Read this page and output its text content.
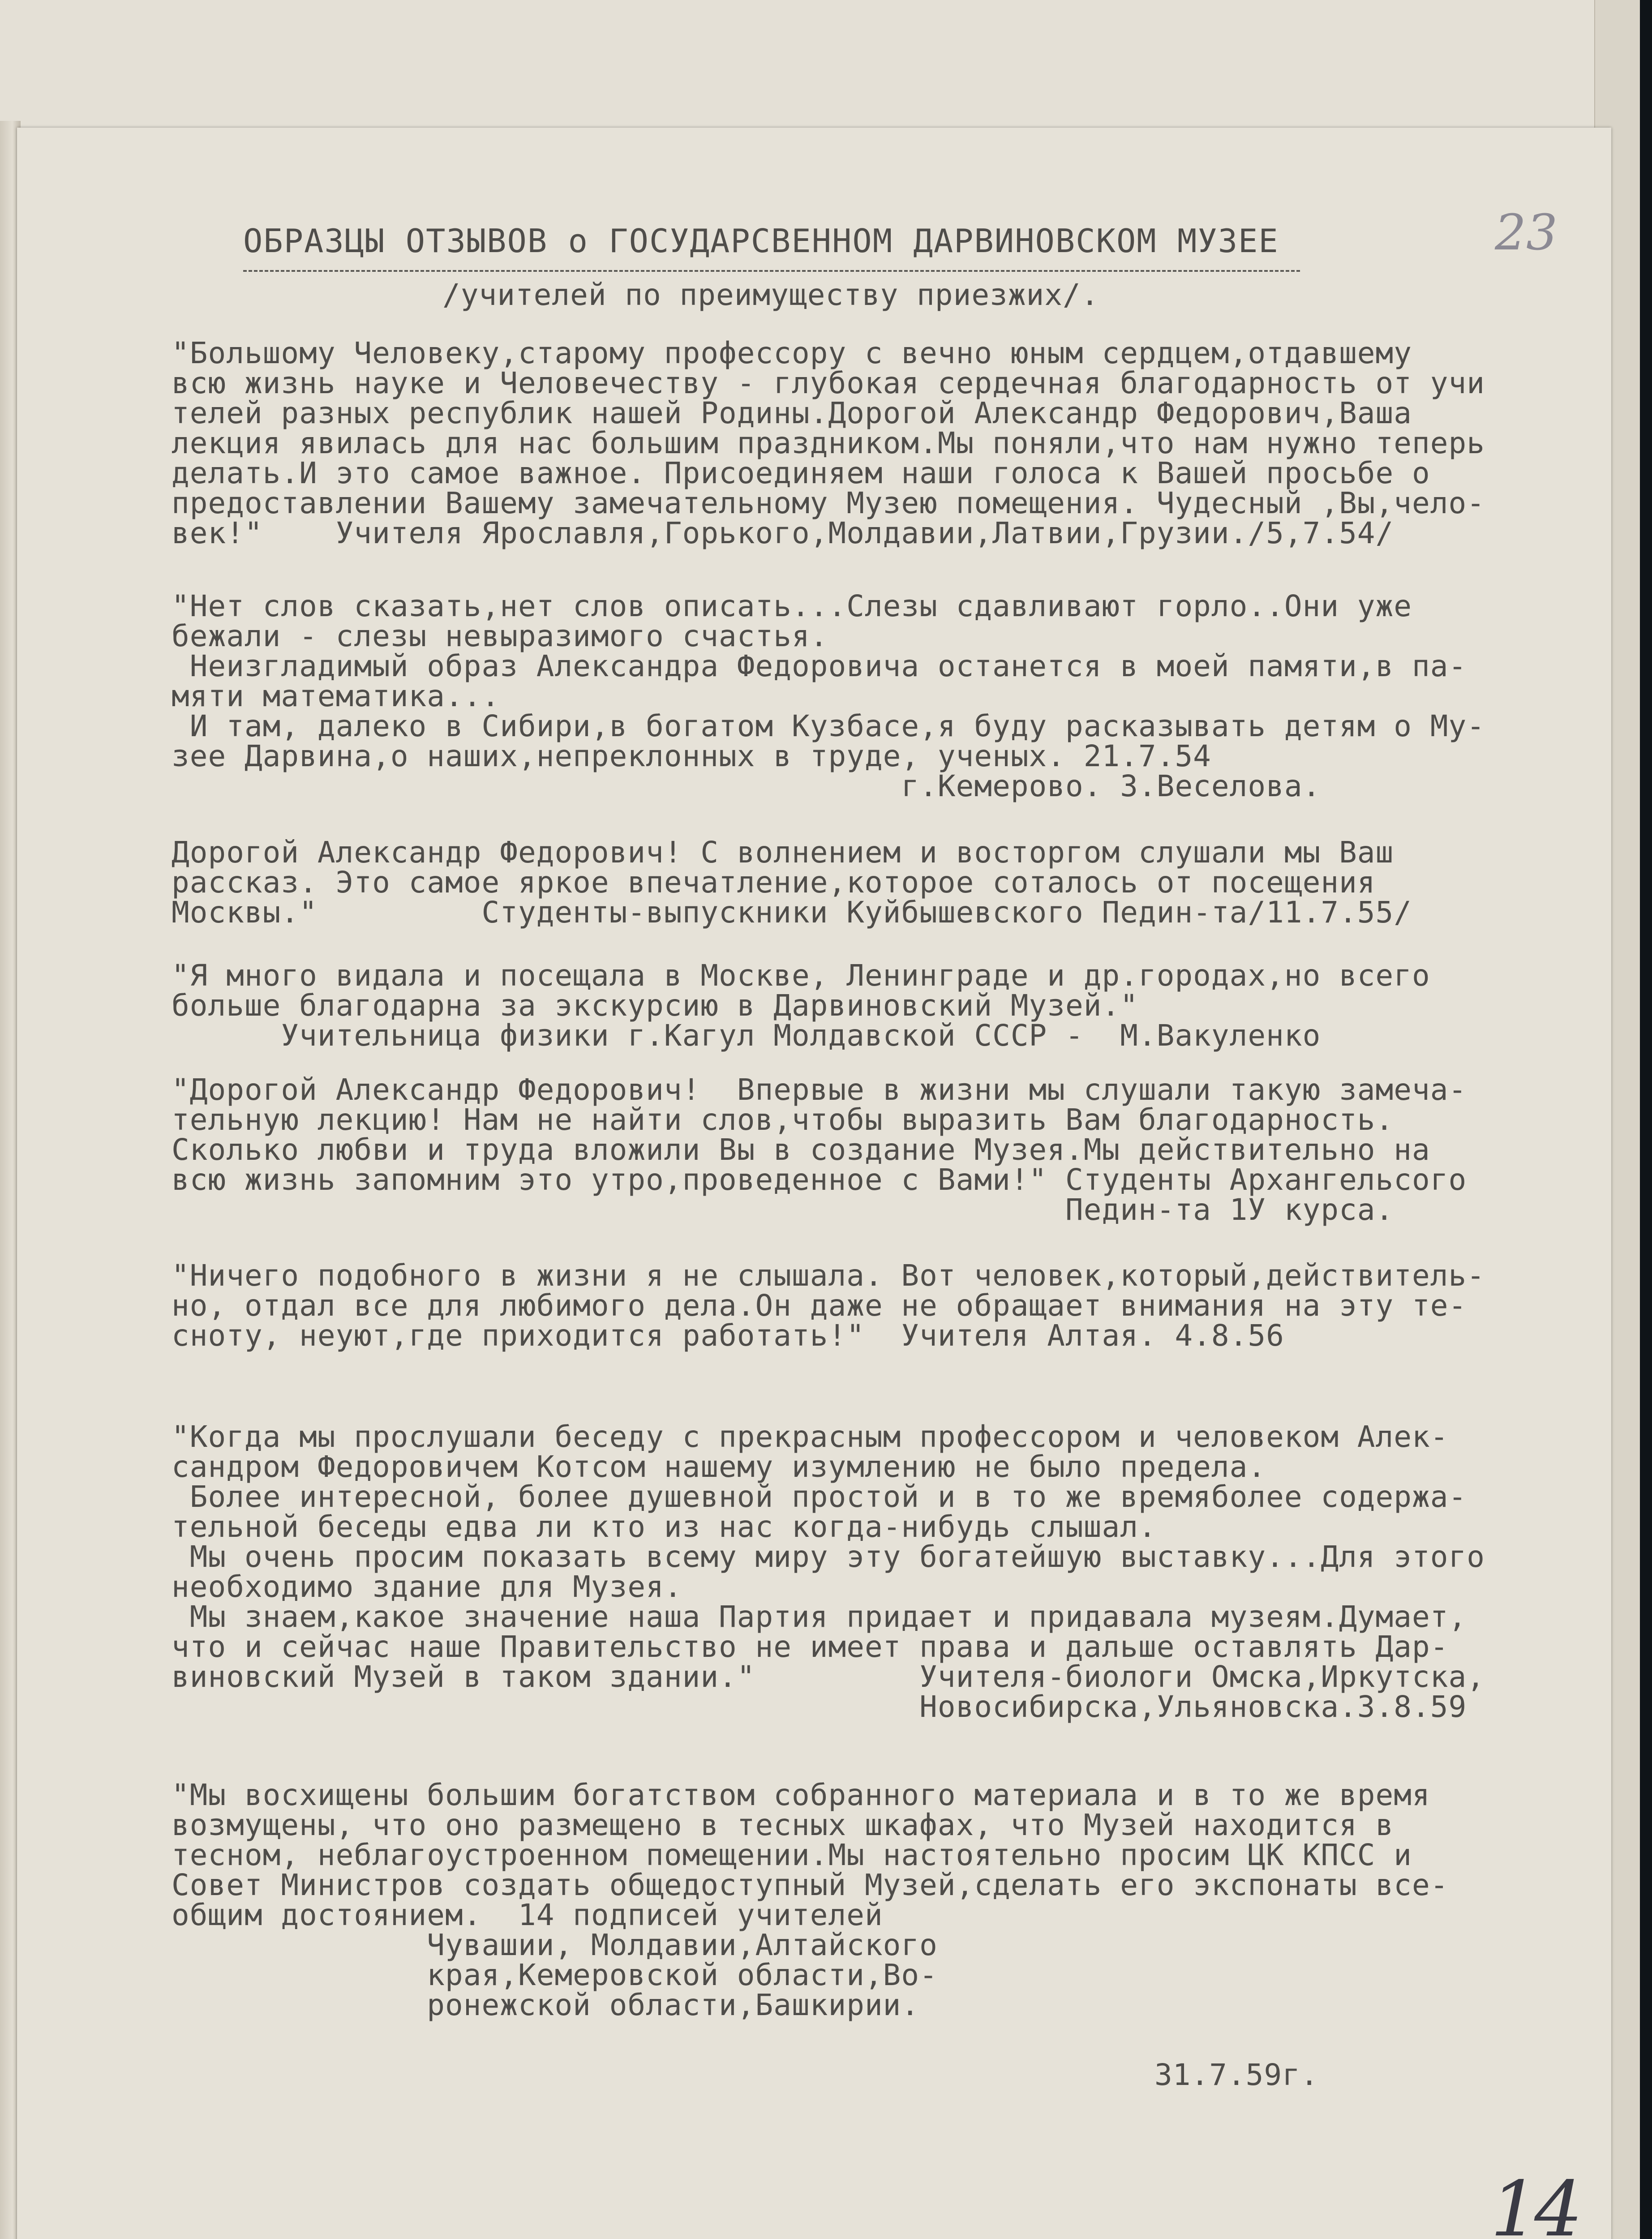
ОБРАЗЦЫ ОТЗЫВОВ о ГОСУДАРСВЕННОМ ДАРВИНОВСКОМ МУЗЕЕ
/учителей по преимуществу приезжих/.
23
"Большому Человеку,старому профессору с вечно юным сердцем,отдавшему
всю жизнь науке и Человечеству - глубокая сердечная благодарность от учи
телей разных республик нашей Родины.Дорогой Александр Федорович,Ваша
лекция явилась для нас большим праздником.Мы поняли,что нам нужно теперь
делать.И это самое важное. Присоединяем наши голоса к Вашей просьбе о
предоставлении Вашему замечательному Музею помещения. Чудесный ,Вы,чело-
век!"    Учителя Ярославля,Горького,Молдавии,Латвии,Грузии./5,7.54/
"Нет слов сказать,нет слов описать...Слезы сдавливают горло..Они уже
бежали - слезы невыразимого счастья.
Неизгладимый образ Александра Федоровича останется в моей памяти,в па-
мяти математика...
И там, далеко в Сибири,в богатом Кузбасе,я буду расказывать детям о Му-
зее Дарвина,о наших,непреклонных в труде, ученых. 21.7.54
г.Кемерово. З.Веселова.
Дорогой Александр Федорович! С волнением и восторгом слушали мы Ваш
рассказ. Это самое яркое впечатление,которое соталось от посещения
Москвы."         Студенты-выпускники Куйбышевского Педин-та/11.7.55/
"Я много видала и посещала в Москве, Ленинграде и др.городах,но всего
больше благодарна за экскурсию в Дарвиновский Музей."
Учительница физики г.Кагул Молдавской СССР -  М.Вакуленко
"Дорогой Александр Федорович!  Впервые в жизни мы слушали такую замеча-
тельную лекцию! Нам не найти слов,чтобы выразить Вам благодарность.
Сколько любви и труда вложили Вы в создание Музея.Мы действительно на
всю жизнь запомним это утро,проведенное с Вами!" Студенты Архангельсого
Педин-та 1У курса.
"Ничего подобного в жизни я не слышала. Вот человек,который,действитель-
но, отдал все для любимого дела.Он даже не обращает внимания на эту те-
сноту, неуют,где приходится работать!"  Учителя Алтая. 4.8.56
"Когда мы прослушали беседу с прекрасным профессором и человеком Алек-
сандром Федоровичем Котсом нашему изумлению не было предела.
Более интересной, более душевной простой и в то же времяболее содержа-
тельной беседы едва ли кто из нас когда-нибудь слышал.
Мы очень просим показать всему миру эту богатейшую выставку...Для этого
необходимо здание для Музея.
Мы знаем,какое значение наша Партия придает и придавала музеям.Думает,
что и сейчас наше Правительство не имеет права и дальше оставлять Дар-
виновский Музей в таком здании."         Учителя-биологи Омска,Иркутска,
Новосибирска,Ульяновска.3.8.59
"Мы восхищены большим богатством собранного материала и в то же время
возмущены, что оно размещено в тесных шкафах, что Музей находится в
тесном, неблагоустроенном помещении.Мы настоятельно просим ЦК КПСС и
Совет Министров создать общедоступный Музей,сделать его экспонаты все-
общим достоянием.  14 подписей учителей
Чувашии, Молдавии,Алтайского
края,Кемеровской области,Во-
ронежской области,Башкирии.
31.7.59г.
14
